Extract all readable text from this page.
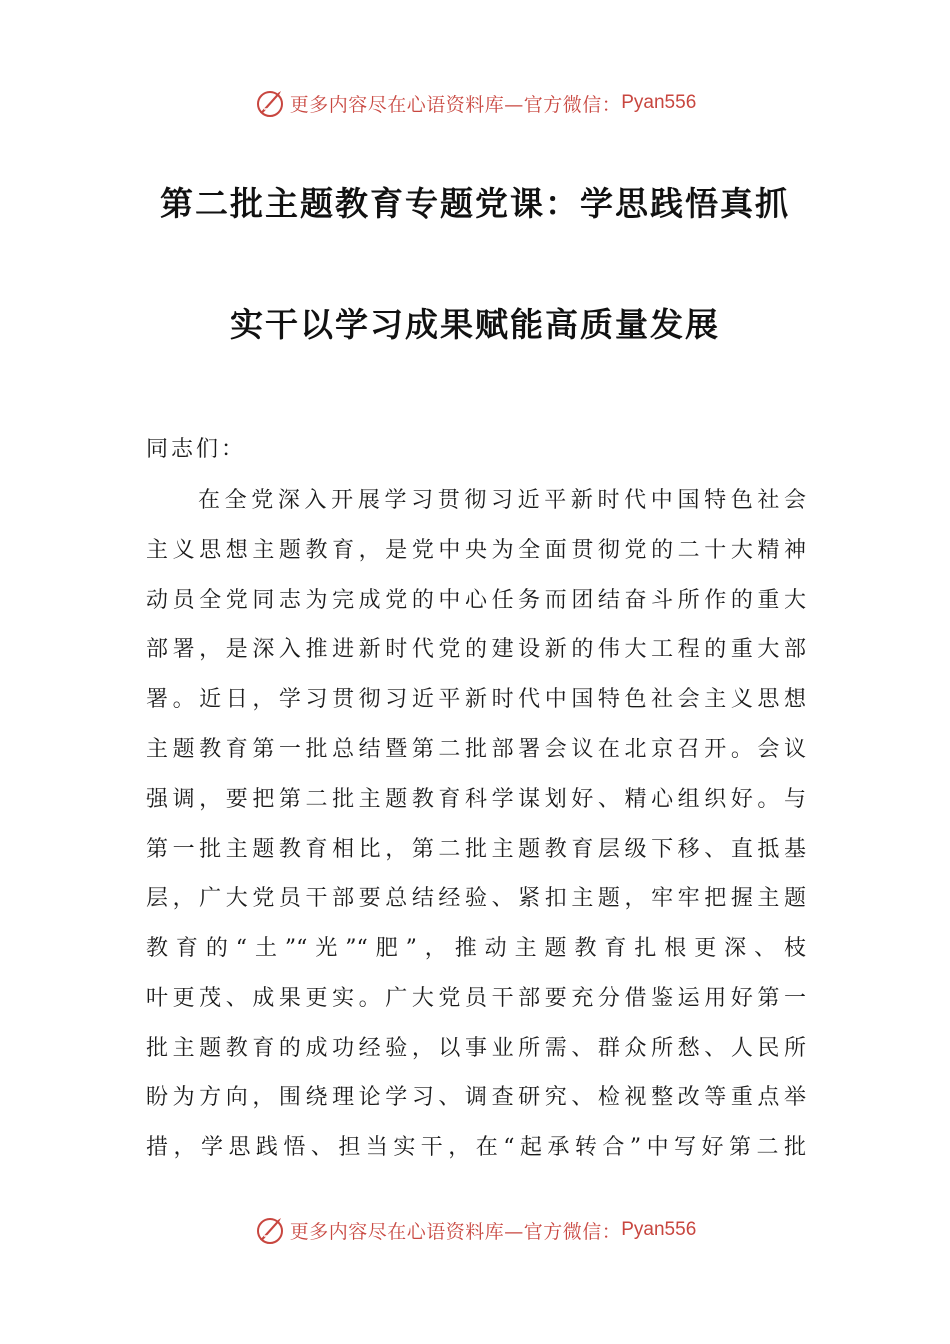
更多内容尽在心语资料库— 官方微信： Pyan556
第二批主题教育专题党课：学思践悟真抓
实干以学习成果赋能高质量发展
同志们：
在全党深入开展学习贯彻习近平新时代中国特色社会
主义思想主题教育，是党中央为全面贯彻党的二十大精神
动员全党同志为完成党的中心任务而团结奋斗所作的重大
部署，是深入推进新时代党的建设新的伟大工程的重大部
署。近日，学习贯彻习近平新时代中国特色社会主义思想
主题教育第一批总结暨第二批部署会议在北京召开。会议
强调，要把第二批主题教育科学谋划好、精心组织好。与
第一批主题教育相比，第二批主题教育层级下移、直抵基
层，广大党员干部要总结经验、紧扣主题，牢牢把握主题
教育的“土”“光”“肥”，推动主题教育扎根更深、枝
叶更茂、成果更实。广大党员干部要充分借鉴运用好第一
批主题教育的成功经验，以事业所需、群众所愁、人民所
盼为方向，围绕理论学习、调查研究、检视整改等重点举
措，学思践悟、担当实干，在“起承转合”中写好第二批
更多内容尽在心语资料库— 官方微信： Pyan556
